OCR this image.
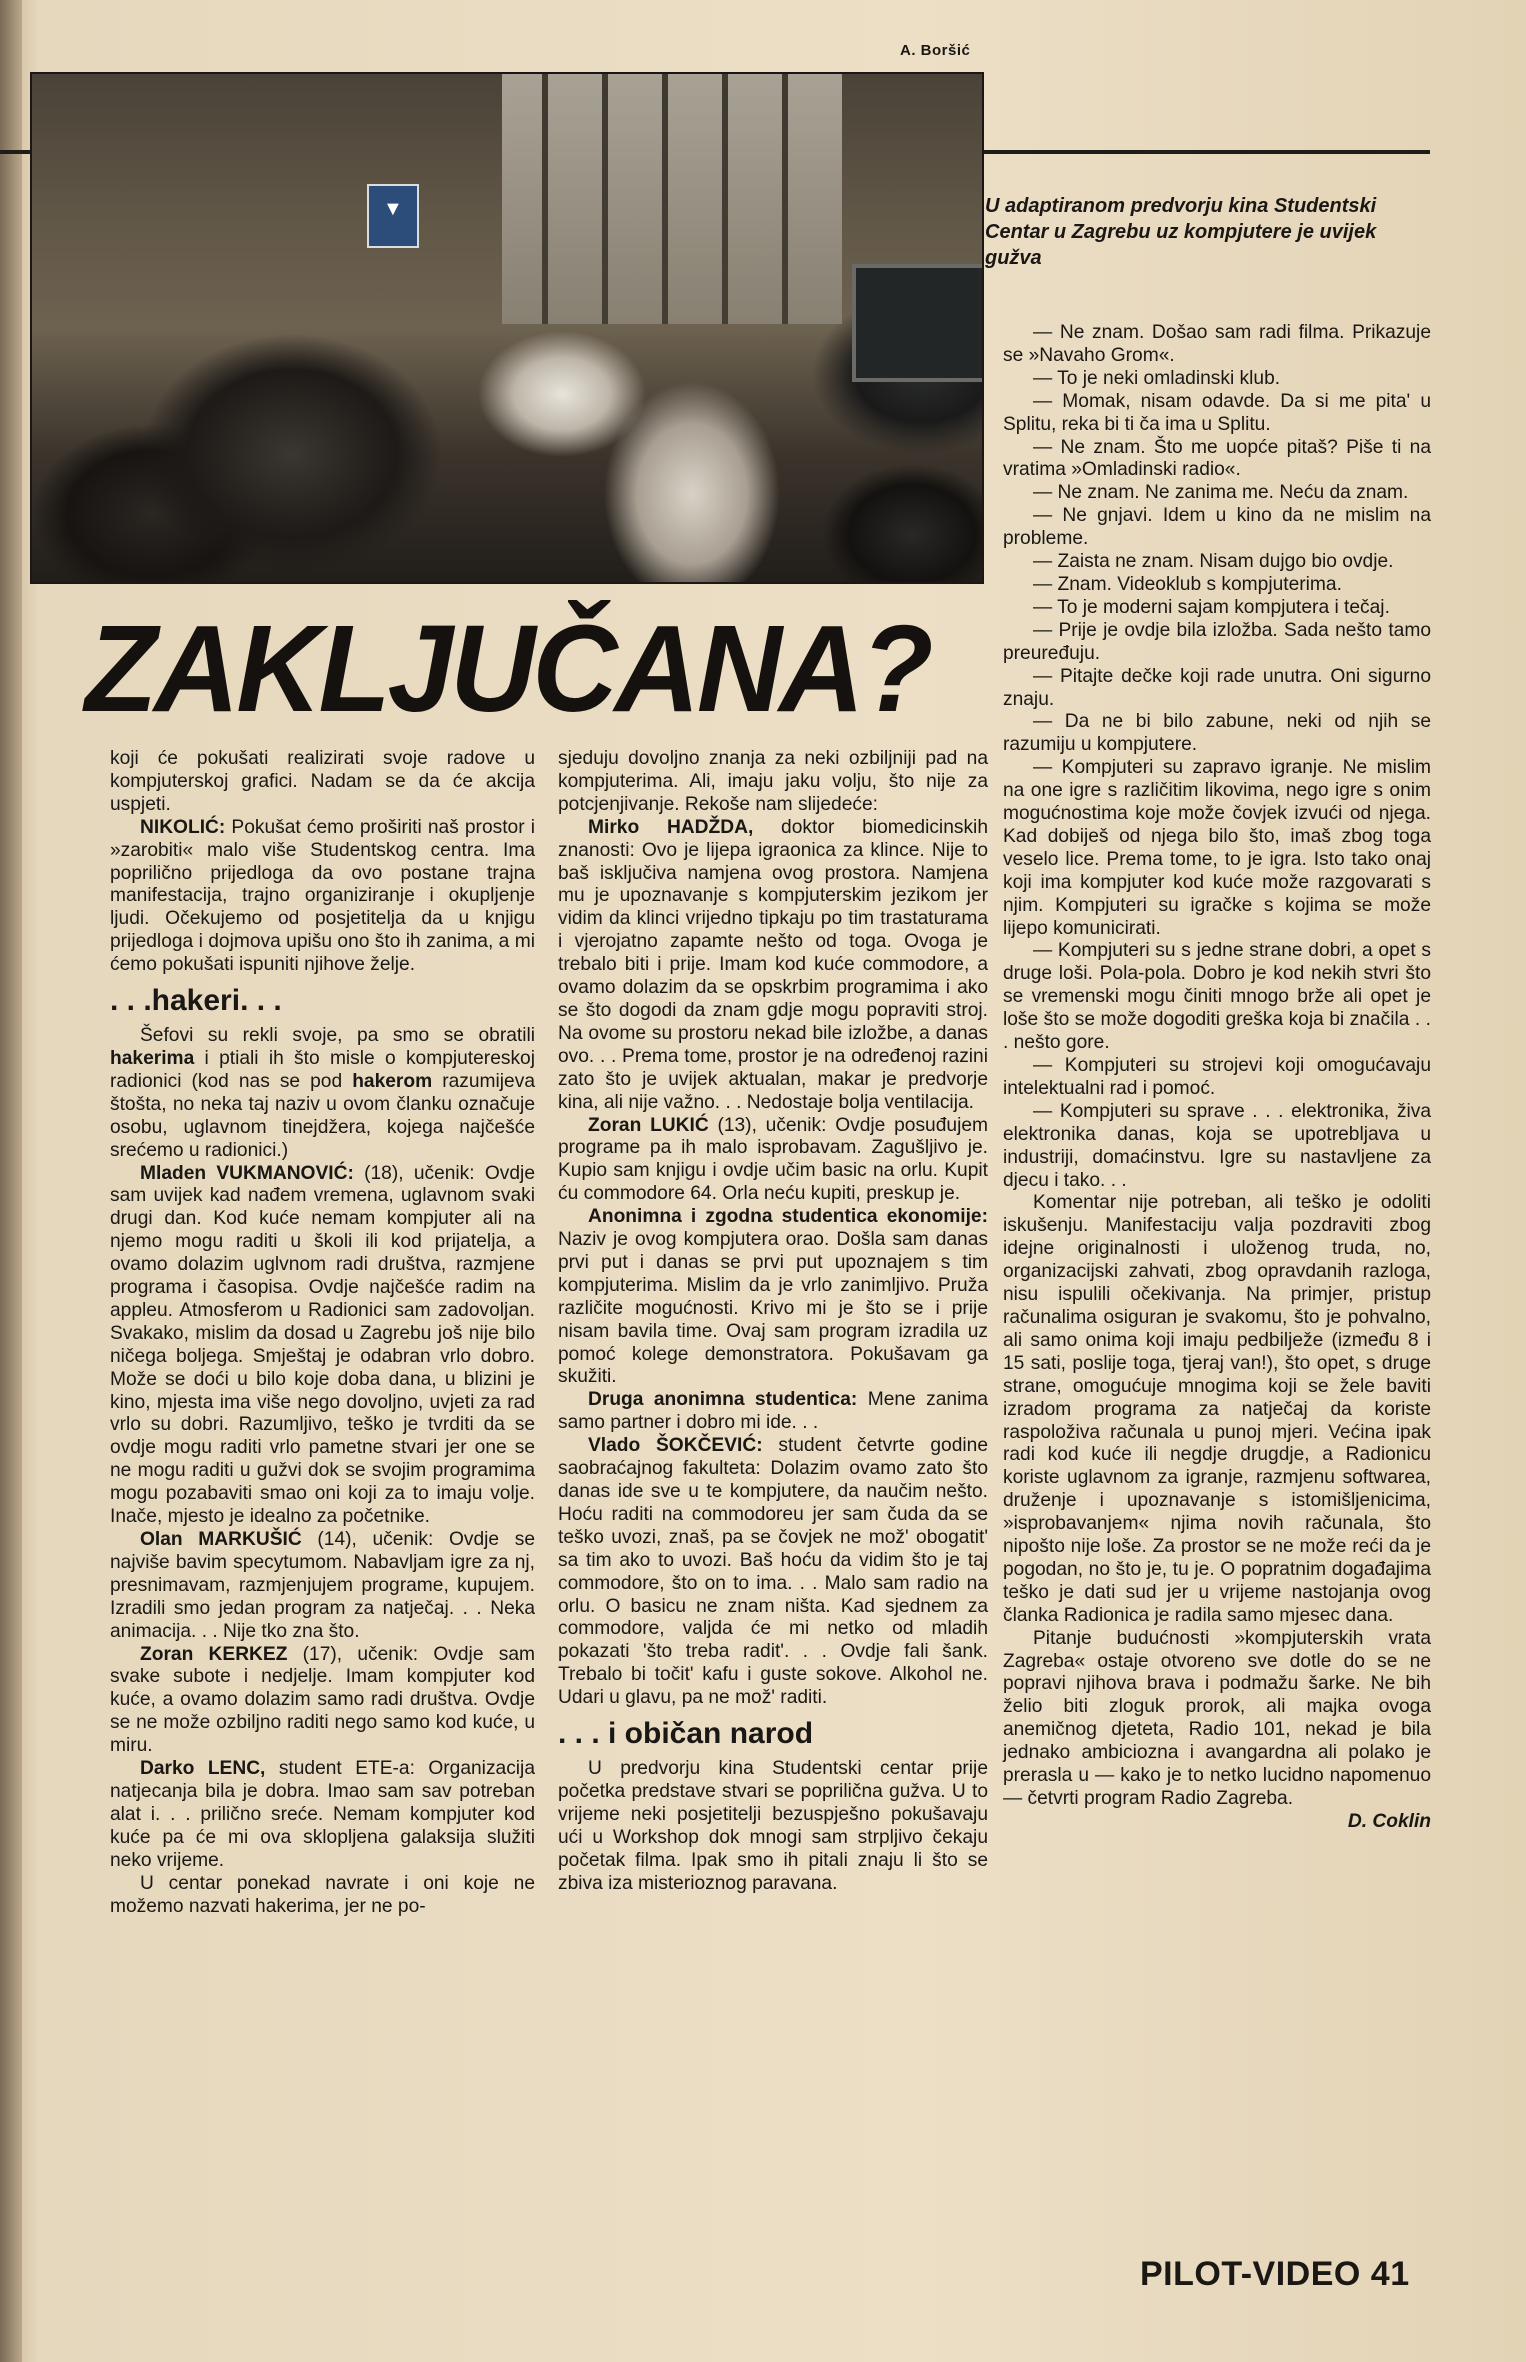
A. Boršić
▼
U adaptiranom predvorju kina Studentski Centar u Zagrebu uz kompjutere je uvijek gužva
ZAKLJUČANA?

koji će pokušati realizirati svoje radove u kompjuterskoj grafici. Nadam se da će akcija uspjeti.

NIKOLIĆ: Pokušat ćemo proširiti naš prostor i »zarobiti« malo više Studentskog centra. Ima poprilično prijedloga da ovo postane trajna manifestacija, trajno organiziranje i okupljenje ljudi. Očekujemo od posjetitelja da u knjigu prijedloga i dojmova upišu ono što ih zanima, a mi ćemo pokušati ispuniti njihove želje.

. . .hakeri. . .

Šefovi su rekli svoje, pa smo se obratili hakerima i ptiali ih što misle o kompjutereskoj radionici (kod nas se pod hakerom razumijeva štošta, no neka taj naziv u ovom članku označuje osobu, uglavnom tinejdžera, kojega najčešće srećemo u radionici.)

Mladen VUKMANOVIĆ: (18), učenik: Ovdje sam uvijek kad nađem vremena, uglavnom svaki drugi dan. Kod kuće nemam kompjuter ali na njemo mogu raditi u školi ili kod prijatelja, a ovamo dolazim uglvnom radi društva, razmjene programa i časopisa. Ovdje najčešće radim na appleu. Atmosferom u Radionici sam zadovoljan. Svakako, mislim da dosad u Zagrebu još nije bilo ničega boljega. Smještaj je odabran vrlo dobro. Može se doći u bilo koje doba dana, u blizini je kino, mjesta ima više nego dovoljno, uvjeti za rad vrlo su dobri. Razumljivo, teško je tvrditi da se ovdje mogu raditi vrlo pametne stvari jer one se ne mogu raditi u gužvi dok se svojim programima mogu pozabaviti smao oni koji za to imaju volje. Inače, mjesto je idealno za početnike.

Olan MARKUŠIĆ (14), učenik: Ovdje se najviše bavim specytumom. Nabavljam igre za nj, presnimavam, razmjenjujem programe, kupujem. Izradili smo jedan program za natječaj. . . Neka animacija. . . Nije tko zna što.

Zoran KERKEZ (17), učenik: Ovdje sam svake subote i nedjelje. Imam kompjuter kod kuće, a ovamo dolazim samo radi društva. Ovdje se ne može ozbiljno raditi nego samo kod kuće, u miru.

Darko LENC, student ETE-a: Organizacija natjecanja bila je dobra. Imao sam sav potreban alat i. . . prilično sreće. Nemam kompjuter kod kuće pa će mi ova sklopljena galaksija služiti neko vrijeme.

U centar ponekad navrate i oni koje ne možemo nazvati hakerima, jer ne po-

sjeduju dovoljno znanja za neki ozbiljniji pad na kompjuterima. Ali, imaju jaku volju, što nije za potcjenjivanje. Rekoše nam slijedeće:

Mirko HADŽDA, doktor biomedicinskih znanosti: Ovo je lijepa igraonica za klince. Nije to baš isključiva namjena ovog prostora. Namjena mu je upoznavanje s kompjuterskim jezikom jer vidim da klinci vrijedno tipkaju po tim trastaturama i vjerojatno zapamte nešto od toga. Ovoga je trebalo biti i prije. Imam kod kuće commodore, a ovamo dolazim da se opskrbim programima i ako se što dogodi da znam gdje mogu popraviti stroj. Na ovome su prostoru nekad bile izložbe, a danas ovo. . . Prema tome, prostor je na određenoj razini zato što je uvijek aktualan, makar je predvorje kina, ali nije važno. . . Nedostaje bolja ventilacija.

Zoran LUKIĆ (13), učenik: Ovdje posuđujem programe pa ih malo isprobavam. Zagušljivo je. Kupio sam knjigu i ovdje učim basic na orlu. Kupit ću commodore 64. Orla neću kupiti, preskup je.

Anonimna i zgodna studentica ekonomije: Naziv je ovog kompjutera orao. Došla sam danas prvi put i danas se prvi put upoznajem s tim kompjuterima. Mislim da je vrlo zanimljivo. Pruža različite mogućnosti. Krivo mi je što se i prije nisam bavila time. Ovaj sam program izradila uz pomoć kolege demonstratora. Pokušavam ga skužiti.

Druga anonimna studentica: Mene zanima samo partner i dobro mi ide. . .

Vlado ŠOKČEVIĆ: student četvrte godine saobraćajnog fakulteta: Dolazim ovamo zato što danas ide sve u te kompjutere, da naučim nešto. Hoću raditi na commodoreu jer sam čuda da se teško uvozi, znaš, pa se čovjek ne mož' obogatit' sa tim ako to uvozi. Baš hoću da vidim što je taj commodore, što on to ima. . . Malo sam radio na orlu. O basicu ne znam ništa. Kad sjednem za commodore, valjda će mi netko od mladih pokazati 'što treba radit'. . . Ovdje fali šank. Trebalo bi točit' kafu i guste sokove. Alkohol ne. Udari u glavu, pa ne mož' raditi.

. . . i običan narod

U predvorju kina Studentski centar prije početka predstave stvari se poprilična gužva. U to vrijeme neki posjetitelji bezuspješno pokušavaju ući u Workshop dok mnogi sam strpljivo čekaju početak filma. Ipak smo ih pitali znaju li što se zbiva iza misterioznog paravana.

— Ne znam. Došao sam radi filma. Prikazuje se »Navaho Grom«.

— To je neki omladinski klub.

— Momak, nisam odavde. Da si me pita' u Splitu, reka bi ti ča ima u Splitu.

— Ne znam. Što me uopće pitaš? Piše ti na vratima »Omladinski radio«.

— Ne znam. Ne zanima me. Neću da znam.

— Ne gnjavi. Idem u kino da ne mislim na probleme.

— Zaista ne znam. Nisam dujgo bio ovdje.

— Znam. Videoklub s kompjuterima.

— To je moderni sajam kompjutera i tečaj.

— Prije je ovdje bila izložba. Sada nešto tamo preuređuju.

— Pitajte dečke koji rade unutra. Oni sigurno znaju.

— Da ne bi bilo zabune, neki od njih se razumiju u kompjutere.

— Kompjuteri su zapravo igranje. Ne mislim na one igre s različitim likovima, nego igre s onim mogućnostima koje može čovjek izvući od njega. Kad dobiješ od njega bilo što, imaš zbog toga veselo lice. Prema tome, to je igra. Isto tako onaj koji ima kompjuter kod kuće može razgovarati s njim. Kompjuteri su igračke s kojima se može lijepo komunicirati.

— Kompjuteri su s jedne strane dobri, a opet s druge loši. Pola-pola. Dobro je kod nekih stvri što se vremenski mogu činiti mnogo brže ali opet je loše što se može dogoditi greška koja bi značila . . . nešto gore.

— Kompjuteri su strojevi koji omogućavaju intelektualni rad i pomoć.

— Kompjuteri su sprave . . . elektronika, živa elektronika danas, koja se upotrebljava u industriji, domaćinstvu. Igre su nastavljene za djecu i tako. . .

Komentar nije potreban, ali teško je odoliti iskušenju. Manifestaciju valja pozdraviti zbog idejne originalnosti i uloženog truda, no, organizacijski zahvati, zbog opravdanih razloga, nisu ispulili očekivanja. Na primjer, pristup računalima osiguran je svakomu, što je pohvalno, ali samo onima koji imaju pedbilježe (između 8 i 15 sati, poslije toga, tjeraj van!), što opet, s druge strane, omogućuje mnogima koji se žele baviti izradom programa za natječaj da koriste raspoloživa računala u punoj mjeri. Većina ipak radi kod kuće ili negdje drugdje, a Radionicu koriste uglavnom za igranje, razmjenu softwarea, druženje i upoznavanje s istomišljenicima, »isprobavanjem« njima novih računala, što nipošto nije loše. Za prostor se ne može reći da je pogodan, no što je, tu je. O popratnim događajima teško je dati sud jer u vrijeme nastojanja ovog članka Radionica je radila samo mjesec dana.

Pitanje budućnosti »kompjuterskih vrata Zagreba« ostaje otvoreno sve dotle do se ne popravi njihova brava i podmažu šarke. Ne bih želio biti zloguk prorok, ali majka ovoga anemičnog djeteta, Radio 101, nekad je bila jednako ambiciozna i avangardna ali polako je prerasla u — kako je to netko lucidno napomenuo — četvrti program Radio Zagreba.

D. Coklin

PILOT-VIDEO 41
